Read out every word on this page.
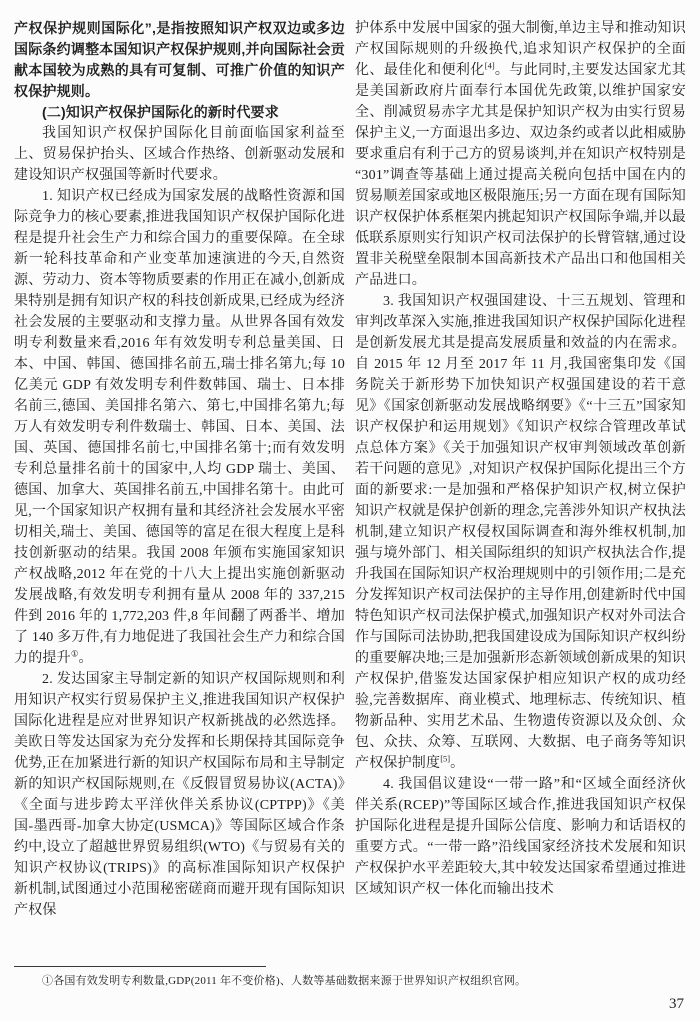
产权保护规则国际化”,是指按照知识产权双边或多边国际条约调整本国知识产权保护规则,并向国际社会贡献本国较为成熟的具有可复制、可推广价值的知识产权保护规则。

(二)知识产权保护国际化的新时代要求

我国知识产权保护国际化目前面临国家利益至上、贸易保护抬头、区域合作热络、创新驱动发展和建设知识产权强国等新时代要求。

1. 知识产权已经成为国家发展的战略性资源和国际竞争力的核心要素,推进我国知识产权保护国际化进程是提升社会生产力和综合国力的重要保障。在全球新一轮科技革命和产业变革加速演进的今天,自然资源、劳动力、资本等物质要素的作用正在减小,创新成果特别是拥有知识产权的科技创新成果,已经成为经济社会发展的主要驱动和支撑力量。从世界各国有效发明专利数量来看,2016 年有效发明专利总量美国、日本、中国、韩国、德国排名前五,瑞士排名第九;每 10 亿美元 GDP 有效发明专利件数韩国、瑞士、日本排名前三,德国、美国排名第六、第七,中国排名第九;每万人有效发明专利件数瑞士、韩国、日本、美国、法国、英国、德国排名前七,中国排名第十;而有效发明专利总量排名前十的国家中,人均 GDP 瑞士、美国、德国、加拿大、英国排名前五,中国排名第十。由此可见,一个国家知识产权拥有量和其经济社会发展水平密切相关,瑞士、美国、德国等的富足在很大程度上是科技创新驱动的结果。我国 2008 年颁布实施国家知识产权战略,2012 年在党的十八大上提出实施创新驱动发展战略,有效发明专利拥有量从 2008 年的 337,215 件到 2016 年的 1,772,203 件,8 年间翻了两番半、增加了 140 多万件,有力地促进了我国社会生产力和综合国力的提升①。

2. 发达国家主导制定新的知识产权国际规则和利用知识产权实行贸易保护主义,推进我国知识产权保护国际化进程是应对世界知识产权新挑战的必然选择。美欧日等发达国家为充分发挥和长期保持其国际竞争优势,正在加紧进行新的知识产权国际布局和主导制定新的知识产权国际规则,在《反假冒贸易协议(ACTA)》《全面与进步跨太平洋伙伴关系协议(CPTPP)》《美国-墨西哥-加拿大协定(USMCA)》等国际区域合作条约中,设立了超越世界贸易组织(WTO)《与贸易有关的知识产权协议(TRIPS)》的高标准国际知识产权保护新机制,试图通过小范围秘密磋商而避开现有国际知识产权保

护体系中发展中国家的强大制衡,单边主导和推动知识产权国际规则的升级换代,追求知识产权保护的全面化、最佳化和便利化[4]。与此同时,主要发达国家尤其是美国新政府片面奉行本国优先政策,以维护国家安全、削减贸易赤字尤其是保护知识产权为由实行贸易保护主义,一方面退出多边、双边条约或者以此相威胁要求重启有利于己方的贸易谈判,并在知识产权特别是“301”调查等基础上通过提高关税向包括中国在内的贸易顺差国家或地区极限施压;另一方面在现有国际知识产权保护体系框架内挑起知识产权国际争端,并以最低联系原则实行知识产权司法保护的长臂管辖,通过设置非关税壁垒限制本国高新技术产品出口和他国相关产品进口。

3. 我国知识产权强国建设、十三五规划、管理和审判改革深入实施,推进我国知识产权保护国际化进程是创新发展尤其是提高发展质量和效益的内在需求。自 2015 年 12 月至 2017 年 11 月,我国密集印发《国务院关于新形势下加快知识产权强国建设的若干意见》《国家创新驱动发展战略纲要》《“十三五”国家知识产权保护和运用规划》《知识产权综合管理改革试点总体方案》《关于加强知识产权审判领域改革创新若干问题的意见》,对知识产权保护国际化提出三个方面的新要求:一是加强和严格保护知识产权,树立保护知识产权就是保护创新的理念,完善涉外知识产权执法机制,建立知识产权侵权国际调查和海外维权机制,加强与境外部门、相关国际组织的知识产权执法合作,提升我国在国际知识产权治理规则中的引领作用;二是充分发挥知识产权司法保护的主导作用,创建新时代中国特色知识产权司法保护模式,加强知识产权对外司法合作与国际司法协助,把我国建设成为国际知识产权纠纷的重要解决地;三是加强新形态新领域创新成果的知识产权保护,借鉴发达国家保护相应知识产权的成功经验,完善数据库、商业模式、地理标志、传统知识、植物新品种、实用艺术品、生物遗传资源以及众创、众包、众扶、众筹、互联网、大数据、电子商务等知识产权保护制度[5]。

4. 我国倡议建设“一带一路”和“区域全面经济伙伴关系(RCEP)”等国际区域合作,推进我国知识产权保护国际化进程是提升国际公信度、影响力和话语权的重要方式。“一带一路”沿线国家经济技术发展和知识产权保护水平差距较大,其中较发达国家希望通过推进区域知识产权一体化而输出技术

①各国有效发明专利数量,GDP(2011 年不变价格)、人数等基础数据来源于世界知识产权组织官网。

37
